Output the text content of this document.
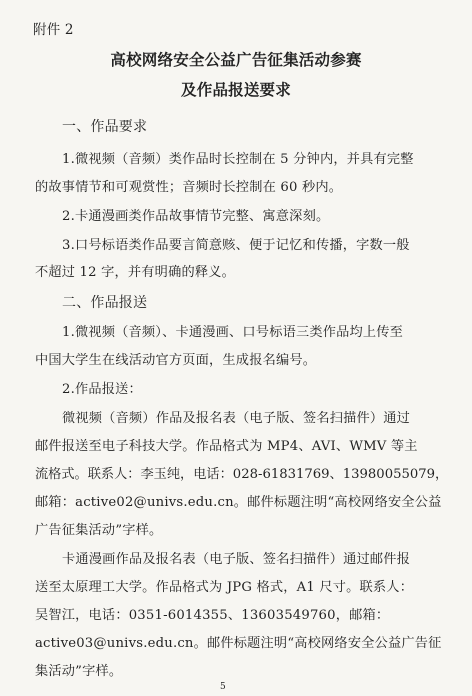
附件 2
高校网络安全公益广告征集活动参赛
及作品报送要求
一、作品要求
1.微视频（音频）类作品时长控制在 5 分钟内，并具有完整
的故事情节和可观赏性；音频时长控制在 60 秒内。
2.卡通漫画类作品故事情节完整、寓意深刻。
3.口号标语类作品要言简意赅、便于记忆和传播，字数一般
不超过 12 字，并有明确的释义。
二、作品报送
1.微视频（音频）、卡通漫画、口号标语三类作品均上传至
中国大学生在线活动官方页面，生成报名编号。
2.作品报送：
微视频（音频）作品及报名表（电子版、签名扫描件）通过
邮件报送至电子科技大学。作品格式为 MP4、AVI、WMV 等主
流格式。联系人：李玉纯，电话：028-61831769、13980055079，
邮箱：active02@univs.edu.cn。邮件标题注明“高校网络安全公益
广告征集活动”字样。
卡通漫画作品及报名表（电子版、签名扫描件）通过邮件报
送至太原理工大学。作品格式为 JPG 格式，A1 尺寸。联系人：
吴智江，电话：0351-6014355、13603549760，邮箱：
active03@univs.edu.cn。邮件标题注明“高校网络安全公益广告征
集活动”字样。
5
